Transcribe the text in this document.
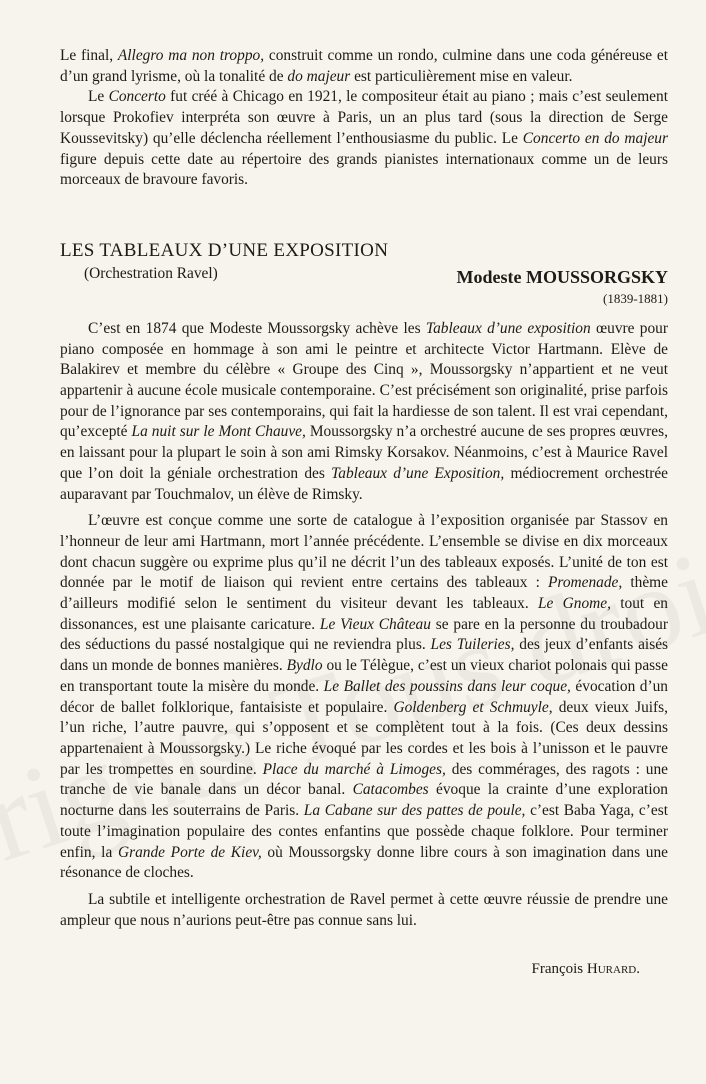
Le final, Allegro ma non troppo, construit comme un rondo, culmine dans une coda généreuse et d’un grand lyrisme, où la tonalité de do majeur est particulièrement mise en valeur.

Le Concerto fut créé à Chicago en 1921, le compositeur était au piano ; mais c’est seulement lorsque Prokofiev interpréta son œuvre à Paris, un an plus tard (sous la direction de Serge Koussevitsky) qu’elle déclencha réellement l’enthousiasme du public. Le Concerto en do majeur figure depuis cette date au répertoire des grands pianistes internationaux comme un de leurs morceaux de bravoure favoris.

LES TABLEAUX D’UNE EXPOSITION
(Orchestration Ravel)	Modeste MOUSSORGSKY
(1839-1881)

C’est en 1874 que Modeste Moussorgsky achève les Tableaux d’une exposition œuvre pour piano composée en hommage à son ami le peintre et architecte Victor Hartmann. Elève de Balakirev et membre du célèbre « Groupe des Cinq », Moussorgsky n’appartient et ne veut appartenir à aucune école musicale contemporaine. C’est précisément son originalité, prise parfois pour de l’ignorance par ses contemporains, qui fait la hardiesse de son talent. Il est vrai cependant, qu’excepté La nuit sur le Mont Chauve, Moussorgsky n’a orchestré aucune de ses propres œuvres, en laissant pour la plupart le soin à son ami Rimsky Korsakov. Néanmoins, c’est à Maurice Ravel que l’on doit la géniale orchestration des Tableaux d’une Exposition, médiocrement orchestrée auparavant par Touchmalov, un élève de Rimsky.

L’œuvre est conçue comme une sorte de catalogue à l’exposition organisée par Stassov en l’honneur de leur ami Hartmann, mort l’année précédente. L’ensemble se divise en dix morceaux dont chacun suggère ou exprime plus qu’il ne décrit l’un des tableaux exposés. L’unité de ton est donnée par le motif de liaison qui revient entre certains des tableaux : Promenade, thème d’ailleurs modifié selon le sentiment du visiteur devant les tableaux. Le Gnome, tout en dissonances, est une plaisante caricature. Le Vieux Château se pare en la personne du troubadour des séductions du passé nostalgique qui ne reviendra plus. Les Tuileries, des jeux d’enfants aisés dans un monde de bonnes manières. Bydlo ou le Télègue, c’est un vieux chariot polonais qui passe en transportant toute la misère du monde. Le Ballet des poussins dans leur coque, évocation d’un décor de ballet folklorique, fantaisiste et populaire. Goldenberg et Schmuyle, deux vieux Juifs, l’un riche, l’autre pauvre, qui s’opposent et se complètent tout à la fois. (Ces deux dessins appartenaient à Moussorgsky.) Le riche évoqué par les cordes et les bois à l’unisson et le pauvre par les trompettes en sourdine. Place du marché à Limoges, des commérages, des ragots : une tranche de vie banale dans un décor banal. Catacombes évoque la crainte d’une exploration nocturne dans les souterrains de Paris. La Cabane sur des pattes de poule, c’est Baba Yaga, c’est toute l’imagination populaire des contes enfantins que possède chaque folklore. Pour terminer enfin, la Grande Porte de Kiev, où Moussorgsky donne libre cours à son imagination dans une résonance de cloches.

La subtile et intelligente orchestration de Ravel permet à cette œuvre réussie de prendre une ampleur que nous n’aurions peut-être pas connue sans lui.

François Hurard.
